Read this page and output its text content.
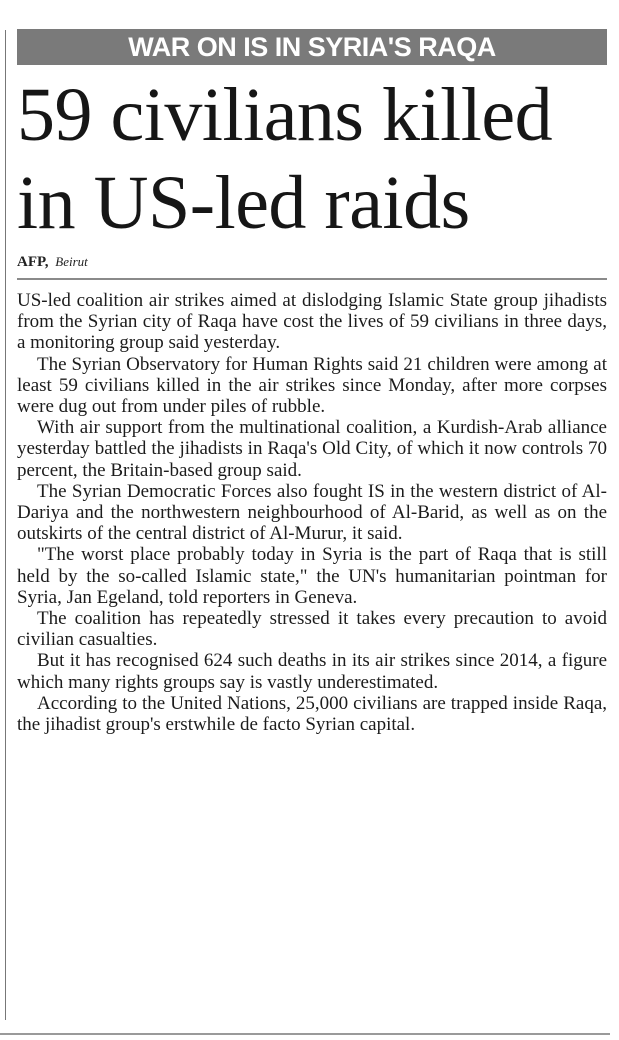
WAR ON IS IN SYRIA'S RAQA
59 civilians killed
in US-led raids
AFP, Beirut

US-led coalition air strikes aimed at dislodging Islamic State group jihadists from the Syrian city of Raqa have cost the lives of 59 civilians in three days, a monitoring group said yesterday.

The Syrian Observatory for Human Rights said 21 children were among at least 59 civilians killed in the air strikes since Monday, after more corpses were dug out from under piles of rubble.

With air support from the multinational coalition, a Kurdish-Arab alliance yesterday battled the jihadists in Raqa's Old City, of which it now controls 70 percent, the Britain-based group said.

The Syrian Democratic Forces also fought IS in the western district of Al-Dariya and the northwestern neighbourhood of Al-Barid, as well as on the outskirts of the central district of Al-Murur, it said.

"The worst place probably today in Syria is the part of Raqa that is still held by the so-called Islamic state," the UN's humanitarian pointman for Syria, Jan Egeland, told reporters in Geneva.

The coalition has repeatedly stressed it takes every precaution to avoid civilian casualties.

But it has recognised 624 such deaths in its air strikes since 2014, a figure which many rights groups say is vastly underestimated.

According to the United Nations, 25,000 civilians are trapped inside Raqa, the jihadist group's erstwhile de facto Syrian capital.
